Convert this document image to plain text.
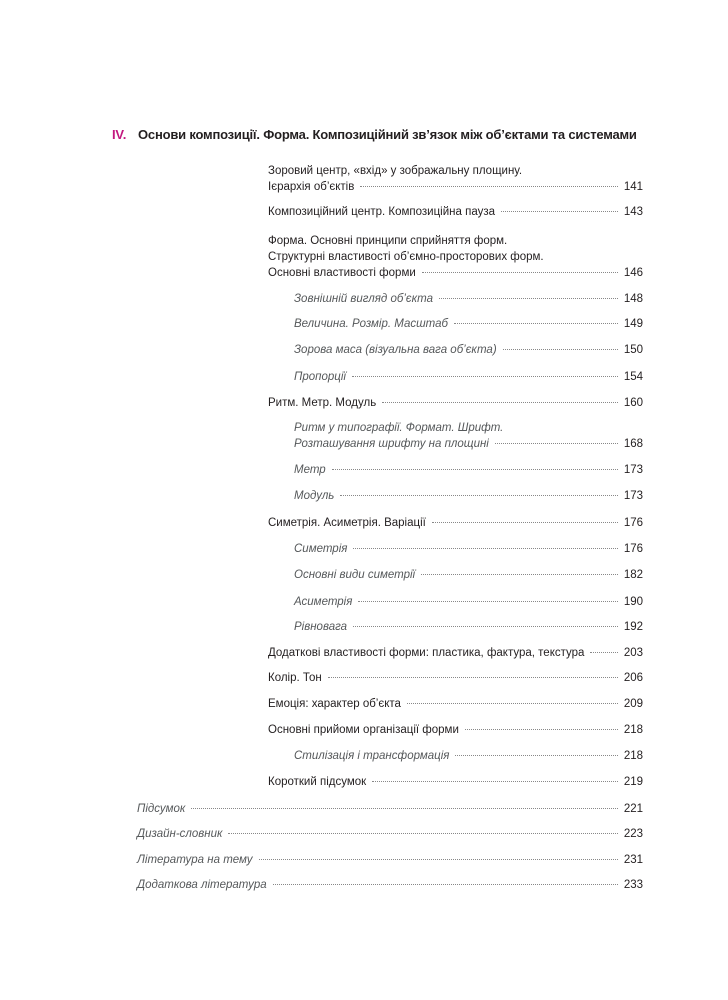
IV. Основи композиції. Форма. Композиційний зв’язок між об’єктами та системами
Зоровий центр, «вхід» у зображальну площину.
Ієрархія об’єктів	141
Композиційний центр. Композиційна пауза	143
Форма. Основні принципи сприйняття форм.
Структурні властивості об’ємно-просторових форм.
Основні властивості форми	146
Зовнішній вигляд об’єкта	148
Величина. Розмір. Масштаб	149
Зорова маса (візуальна вага об’єкта)	150
Пропорції	154
Ритм. Метр. Модуль	160
Ритм у типографії. Формат. Шрифт.
Розташування шрифту на площині	168
Метр	173
Модуль	173
Симетрія. Асиметрія. Варіації	176
Симетрія	176
Основні види симетрії	182
Асиметрія	190
Рівновага	192
Додаткові властивості форми: пластика, фактура, текстура	203
Колір. Тон	206
Емоція: характер об’єкта	209
Основні прийоми організації форми	218
Стилізація і трансформація	218
Короткий підсумок	219
Підсумок	221
Дизайн-словник	223
Література на тему	231
Додаткова література	233
